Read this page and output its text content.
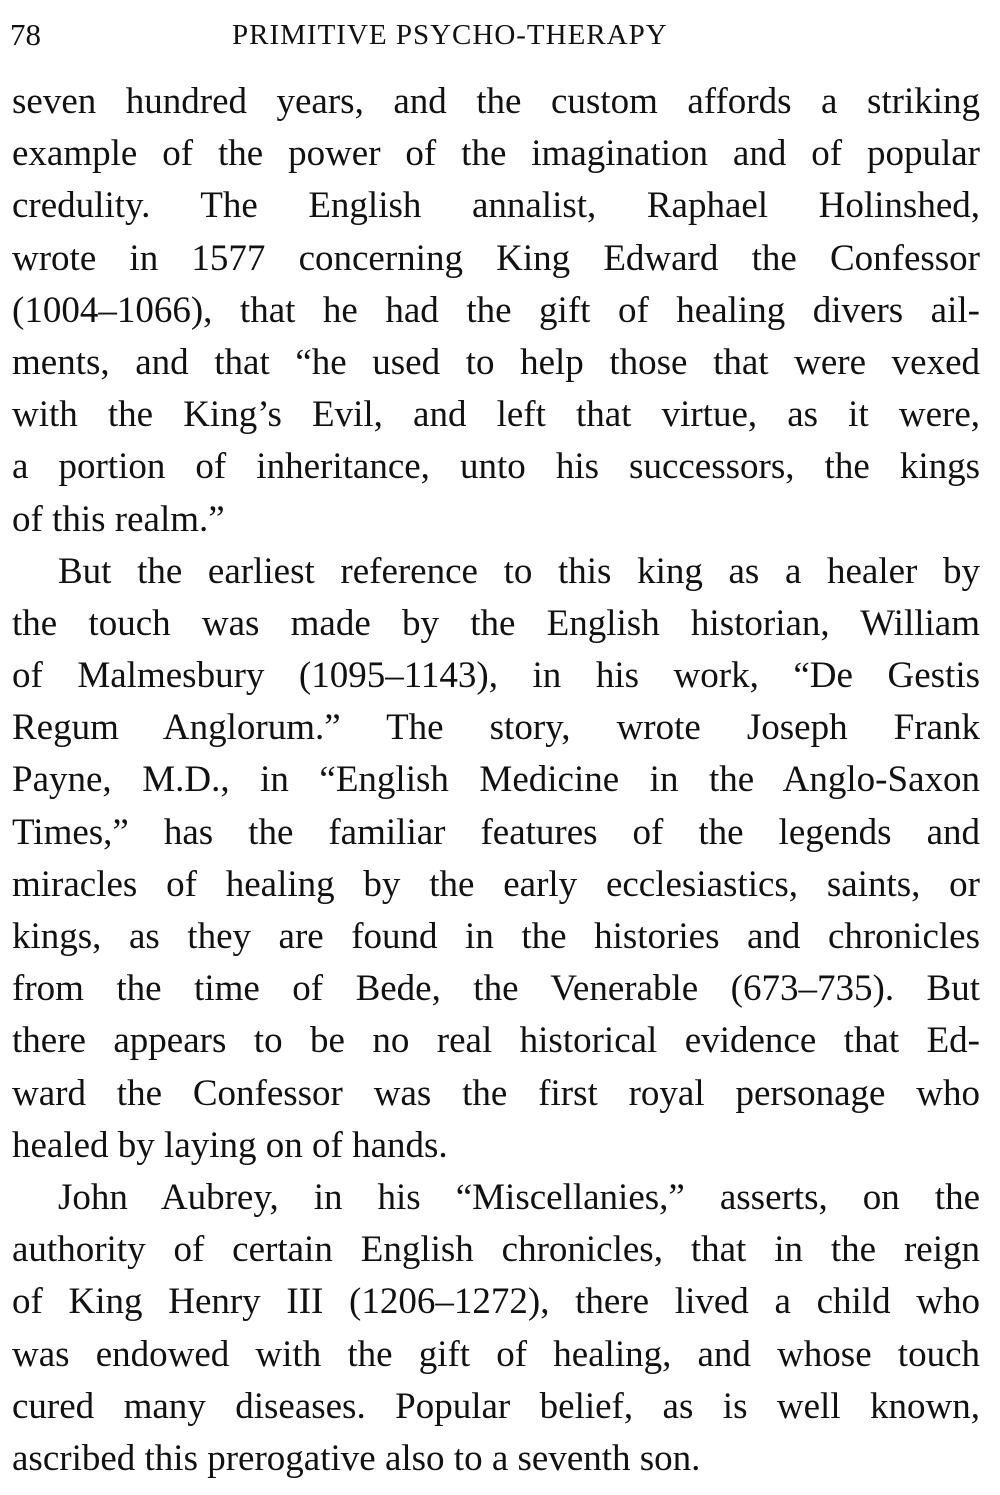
78	PRIMITIVE PSYCHO-THERAPY
seven hundred years, and the custom affords a striking
example of the power of the imagination and of popular
credulity. The English annalist, Raphael Holinshed,
wrote in 1577 concerning King Edward the Confessor
(1004–1066), that he had the gift of healing divers ail-
ments, and that “he used to help those that were vexed
with the King’s Evil, and left that virtue, as it were,
a portion of inheritance, unto his successors, the kings
of this realm.”
But the earliest reference to this king as a healer by
the touch was made by the English historian, William
of Malmesbury (1095–1143), in his work, “De Gestis
Regum Anglorum.” The story, wrote Joseph Frank
Payne, M.D., in “English Medicine in the Anglo-Saxon
Times,” has the familiar features of the legends and
miracles of healing by the early ecclesiastics, saints, or
kings, as they are found in the histories and chronicles
from the time of Bede, the Venerable (673–735). But
there appears to be no real historical evidence that Ed-
ward the Confessor was the first royal personage who
healed by laying on of hands.
John Aubrey, in his “Miscellanies,” asserts, on the
authority of certain English chronicles, that in the reign
of King Henry III (1206–1272), there lived a child who
was endowed with the gift of healing, and whose touch
cured many diseases. Popular belief, as is well known,
ascribed this prerogative also to a seventh son.
